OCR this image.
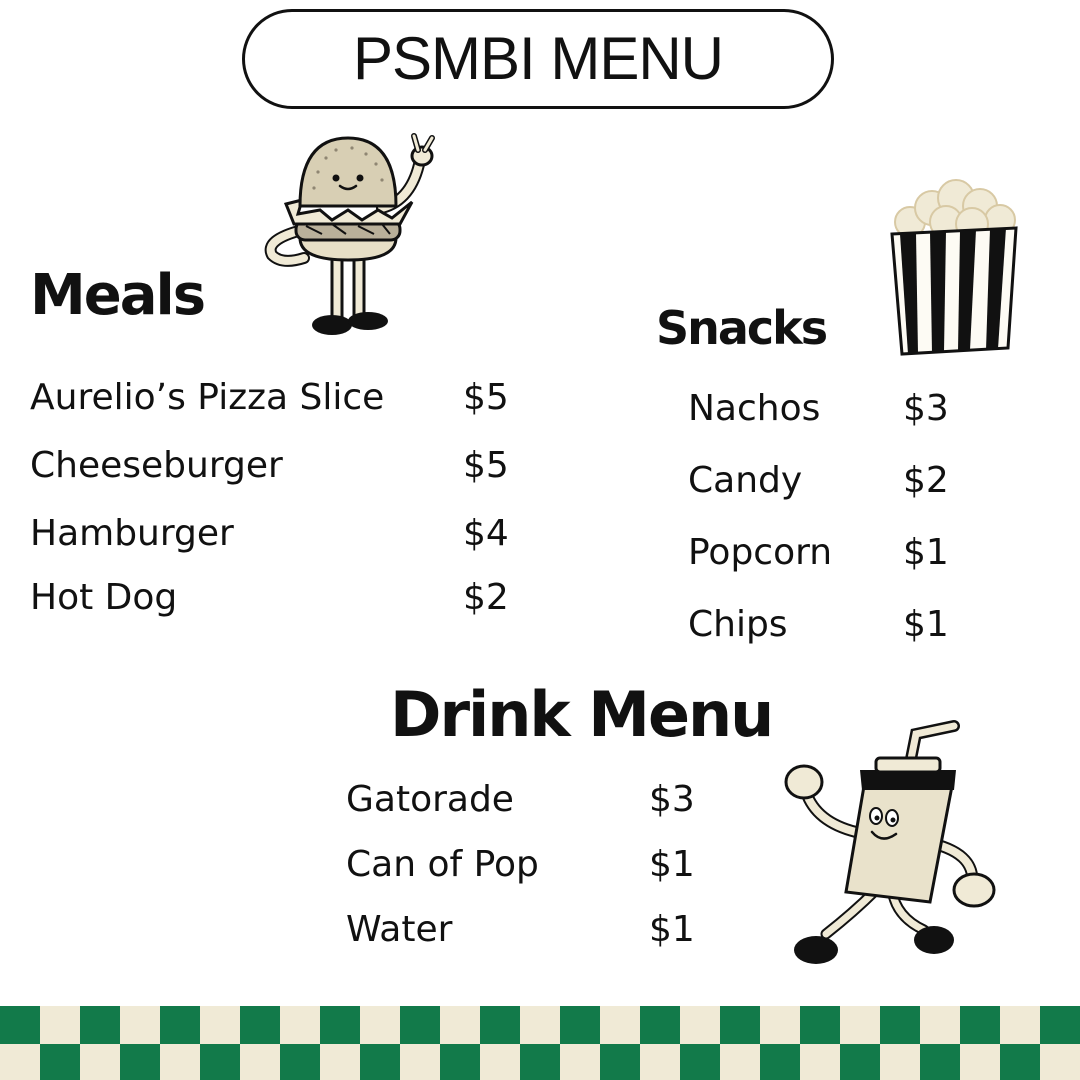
PSMBI MENU
Meals
Aurelio’s Pizza Slice $5
Cheeseburger	$5
Hamburger	$4
Hot Dog	$2
Snacks
Nachos $3
Candy	$2
Popcorn $1
Chips	$1
Drink Menu
Gatorade	$3
Can of Pop	$1
Water	$1
